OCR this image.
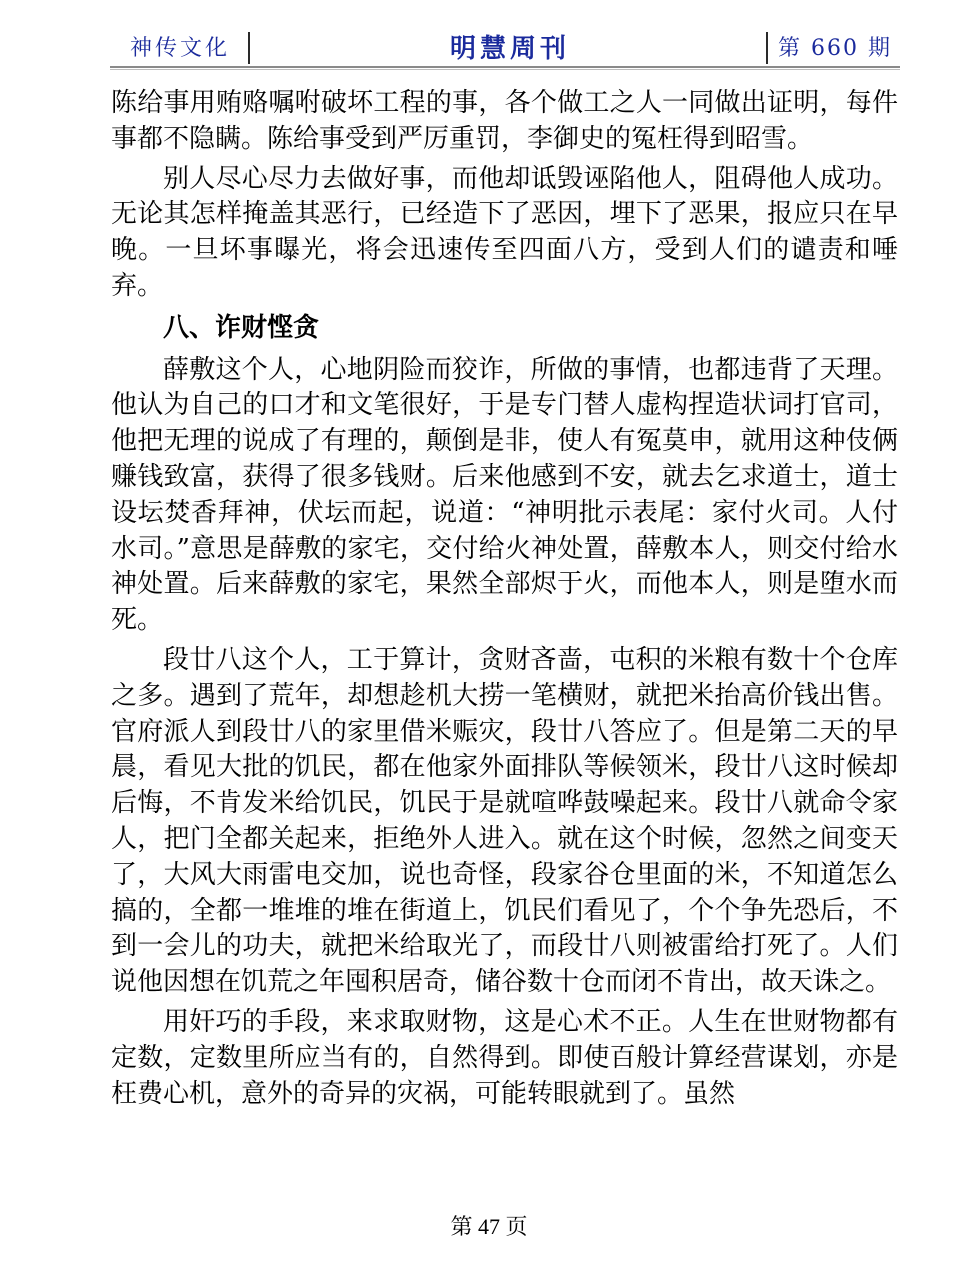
神传文化	明慧周刊	第 660 期

陈给事用贿赂嘱咐破坏工程的事，各个做工之人一同做出证明，每件事都不隐瞒。陈给事受到严厉重罚，李御史的冤枉得到昭雪。

别人尽心尽力去做好事，而他却诋毁诬陷他人，阻碍他人成功。无论其怎样掩盖其恶行，已经造下了恶因，埋下了恶果，报应只在早晚。一旦坏事曝光，将会迅速传至四面八方，受到人们的谴责和唾弃。

八、诈财悭贪

薛敷这个人，心地阴险而狡诈，所做的事情，也都违背了天理。他认为自己的口才和文笔很好，于是专门替人虚构捏造状词打官司，他把无理的说成了有理的，颠倒是非，使人有冤莫申，就用这种伎俩赚钱致富，获得了很多钱财。后来他感到不安，就去乞求道士，道士设坛焚香拜神，伏坛而起，说道：“神明批示表尾：家付火司。人付水司。”意思是薛敷的家宅，交付给火神处置，薛敷本人，则交付给水神处置。后来薛敷的家宅，果然全部烬于火，而他本人，则是堕水而死。

段廿八这个人，工于算计，贪财吝啬，屯积的米粮有数十个仓库之多。遇到了荒年，却想趁机大捞一笔横财，就把米抬高价钱出售。官府派人到段廿八的家里借米赈灾，段廿八答应了。但是第二天的早晨，看见大批的饥民，都在他家外面排队等候领米，段廿八这时候却后悔，不肯发米给饥民，饥民于是就喧哗鼓噪起来。段廿八就命令家人，把门全都关起来，拒绝外人进入。就在这个时候，忽然之间变天了，大风大雨雷电交加，说也奇怪，段家谷仓里面的米，不知道怎么搞的，全都一堆堆的堆在街道上，饥民们看见了，个个争先恐后，不到一会儿的功夫，就把米给取光了，而段廿八则被雷给打死了。人们说他因想在饥荒之年囤积居奇，储谷数十仓而闭不肯出，故天诛之。

用奸巧的手段，来求取财物，这是心术不正。人生在世财物都有定数，定数里所应当有的，自然得到。即使百般计算经营谋划，亦是枉费心机，意外的奇异的灾祸，可能转眼就到了。虽然

第 47 页
